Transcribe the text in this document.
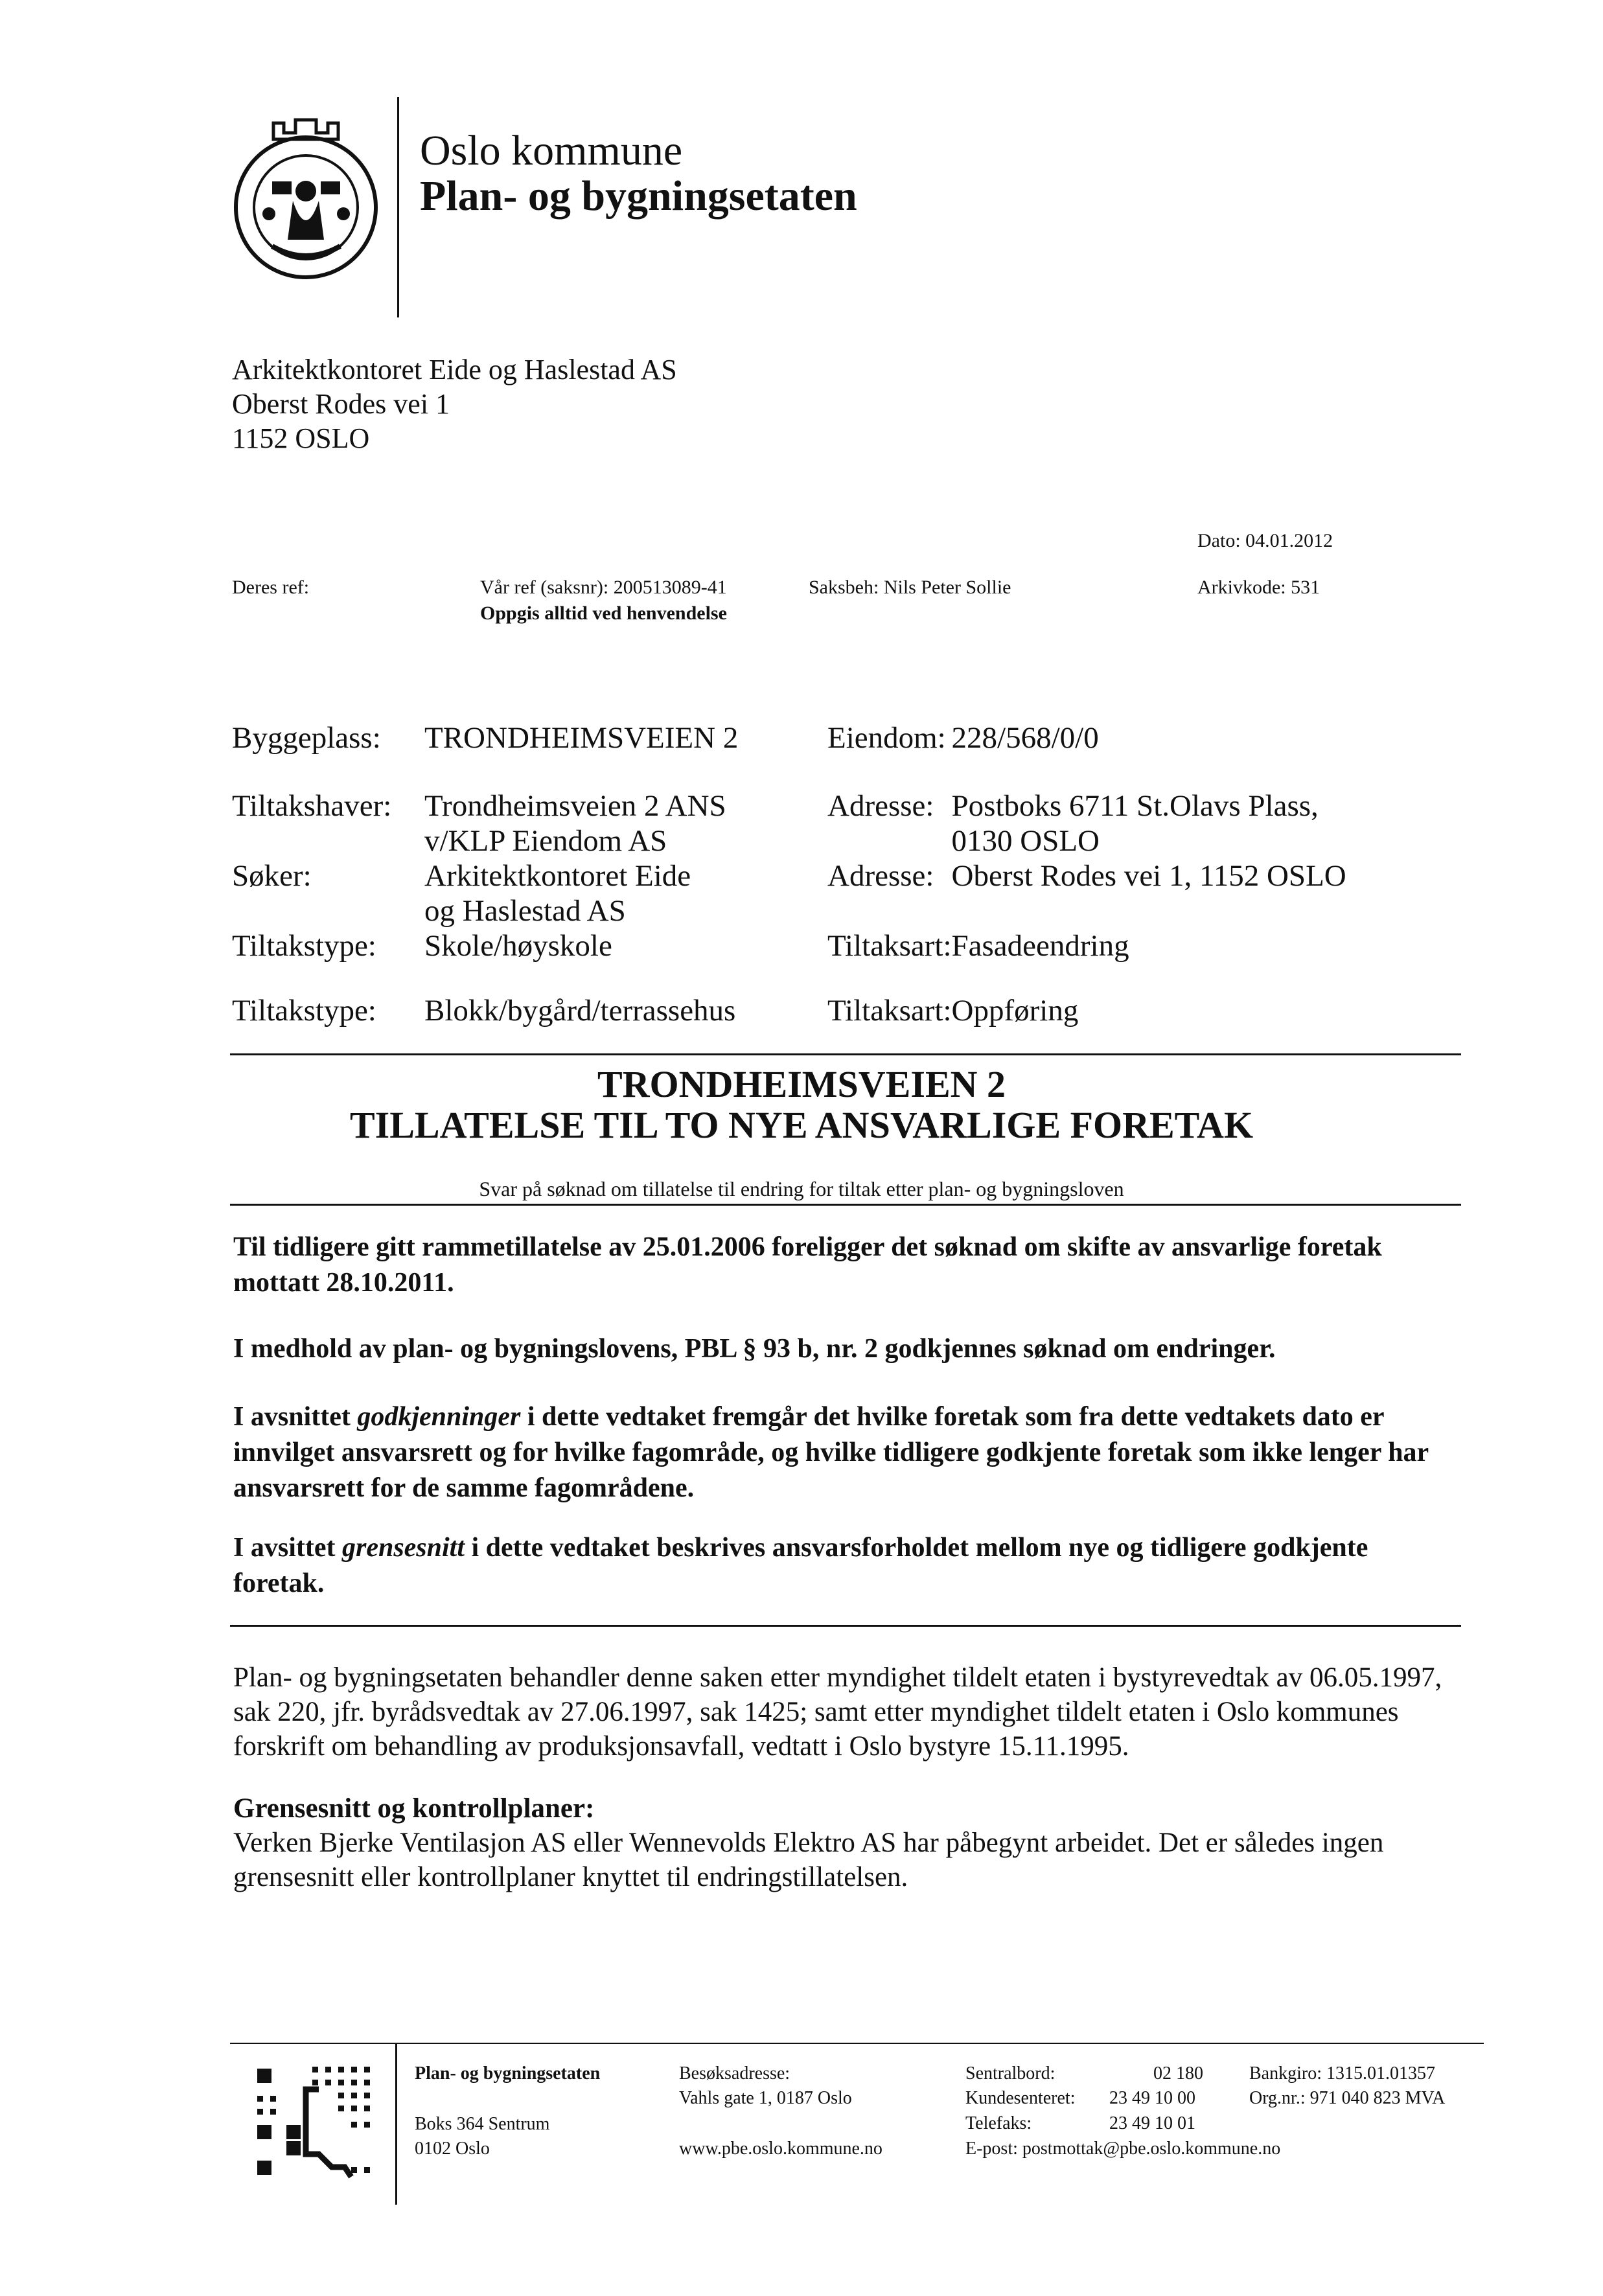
Oslo kommune
Plan- og bygningsetaten
Arkitektkontoret Eide og Haslestad AS
Oberst Rodes vei 1
1152 OSLO
Dato: 04.01.2012
Deres ref:	Vår ref (saksnr): 200513089-41
Oppgis alltid ved henvendelse
Saksbeh: Nils Peter Sollie	Arkivkode: 531
Byggeplass:	TRONDHEIMSVEIEN 2	Eiendom:	228/568/0/0
Tiltakshaver:	Trondheimsveien 2 ANS v/KLP Eiendom AS	Adresse:	Postboks 6711 St.Olavs Plass, 0130 OSLO
Søker:	Arkitektkontoret Eide og Haslestad AS	Adresse:	Oberst Rodes vei 1, 1152 OSLO
Tiltakstype:	Skole/høyskole	Tiltaksart:	Fasadeendring
Tiltakstype:	Blokk/bygård/terrassehus	Tiltaksart:	Oppføring
TRONDHEIMSVEIEN 2
TILLATELSE TIL TO NYE ANSVARLIGE FORETAK
Svar på søknad om tillatelse til endring for tiltak etter plan- og bygningsloven
Til tidligere gitt rammetillatelse av 25.01.2006 foreligger det søknad om skifte av ansvarlige foretak mottatt 28.10.2011.
I medhold av plan- og bygningslovens, PBL § 93 b, nr. 2 godkjennes søknad om endringer.
I avsnittet godkjenninger i dette vedtaket fremgår det hvilke foretak som fra dette vedtakets dato er innvilget ansvarsrett og for hvilke fagområde, og hvilke tidligere godkjente foretak som ikke lenger har ansvarsrett for de samme fagområdene.
I avsittet grensesnitt i dette vedtaket beskrives ansvarsforholdet mellom nye og tidligere godkjente foretak.
Plan- og bygningsetaten behandler denne saken etter myndighet tildelt etaten i bystyrevedtak av 06.05.1997, sak 220, jfr. byrådsvedtak av 27.06.1997, sak 1425; samt etter myndighet tildelt etaten i Oslo kommunes forskrift om behandling av produksjonsavfall, vedtatt i Oslo bystyre 15.11.1995.
Grensesnitt og kontrollplaner:
Verken Bjerke Ventilasjon AS eller Wennevolds Elektro AS har påbegynt arbeidet. Det er således ingen grensesnitt eller kontrollplaner knyttet til endringstillatelsen.
Plan- og bygningsetaten
Boks 364 Sentrum
0102 Oslo
Besøksadresse:
Vahls gate 1, 0187 Oslo
www.pbe.oslo.kommune.no
Sentralbord:	02 180
Kundesenteret: 23 49 10 00
Telefaks:	23 49 10 01
E-post: postmottak@pbe.oslo.kommune.no
Bankgiro: 1315.01.01357
Org.nr.: 971 040 823 MVA
